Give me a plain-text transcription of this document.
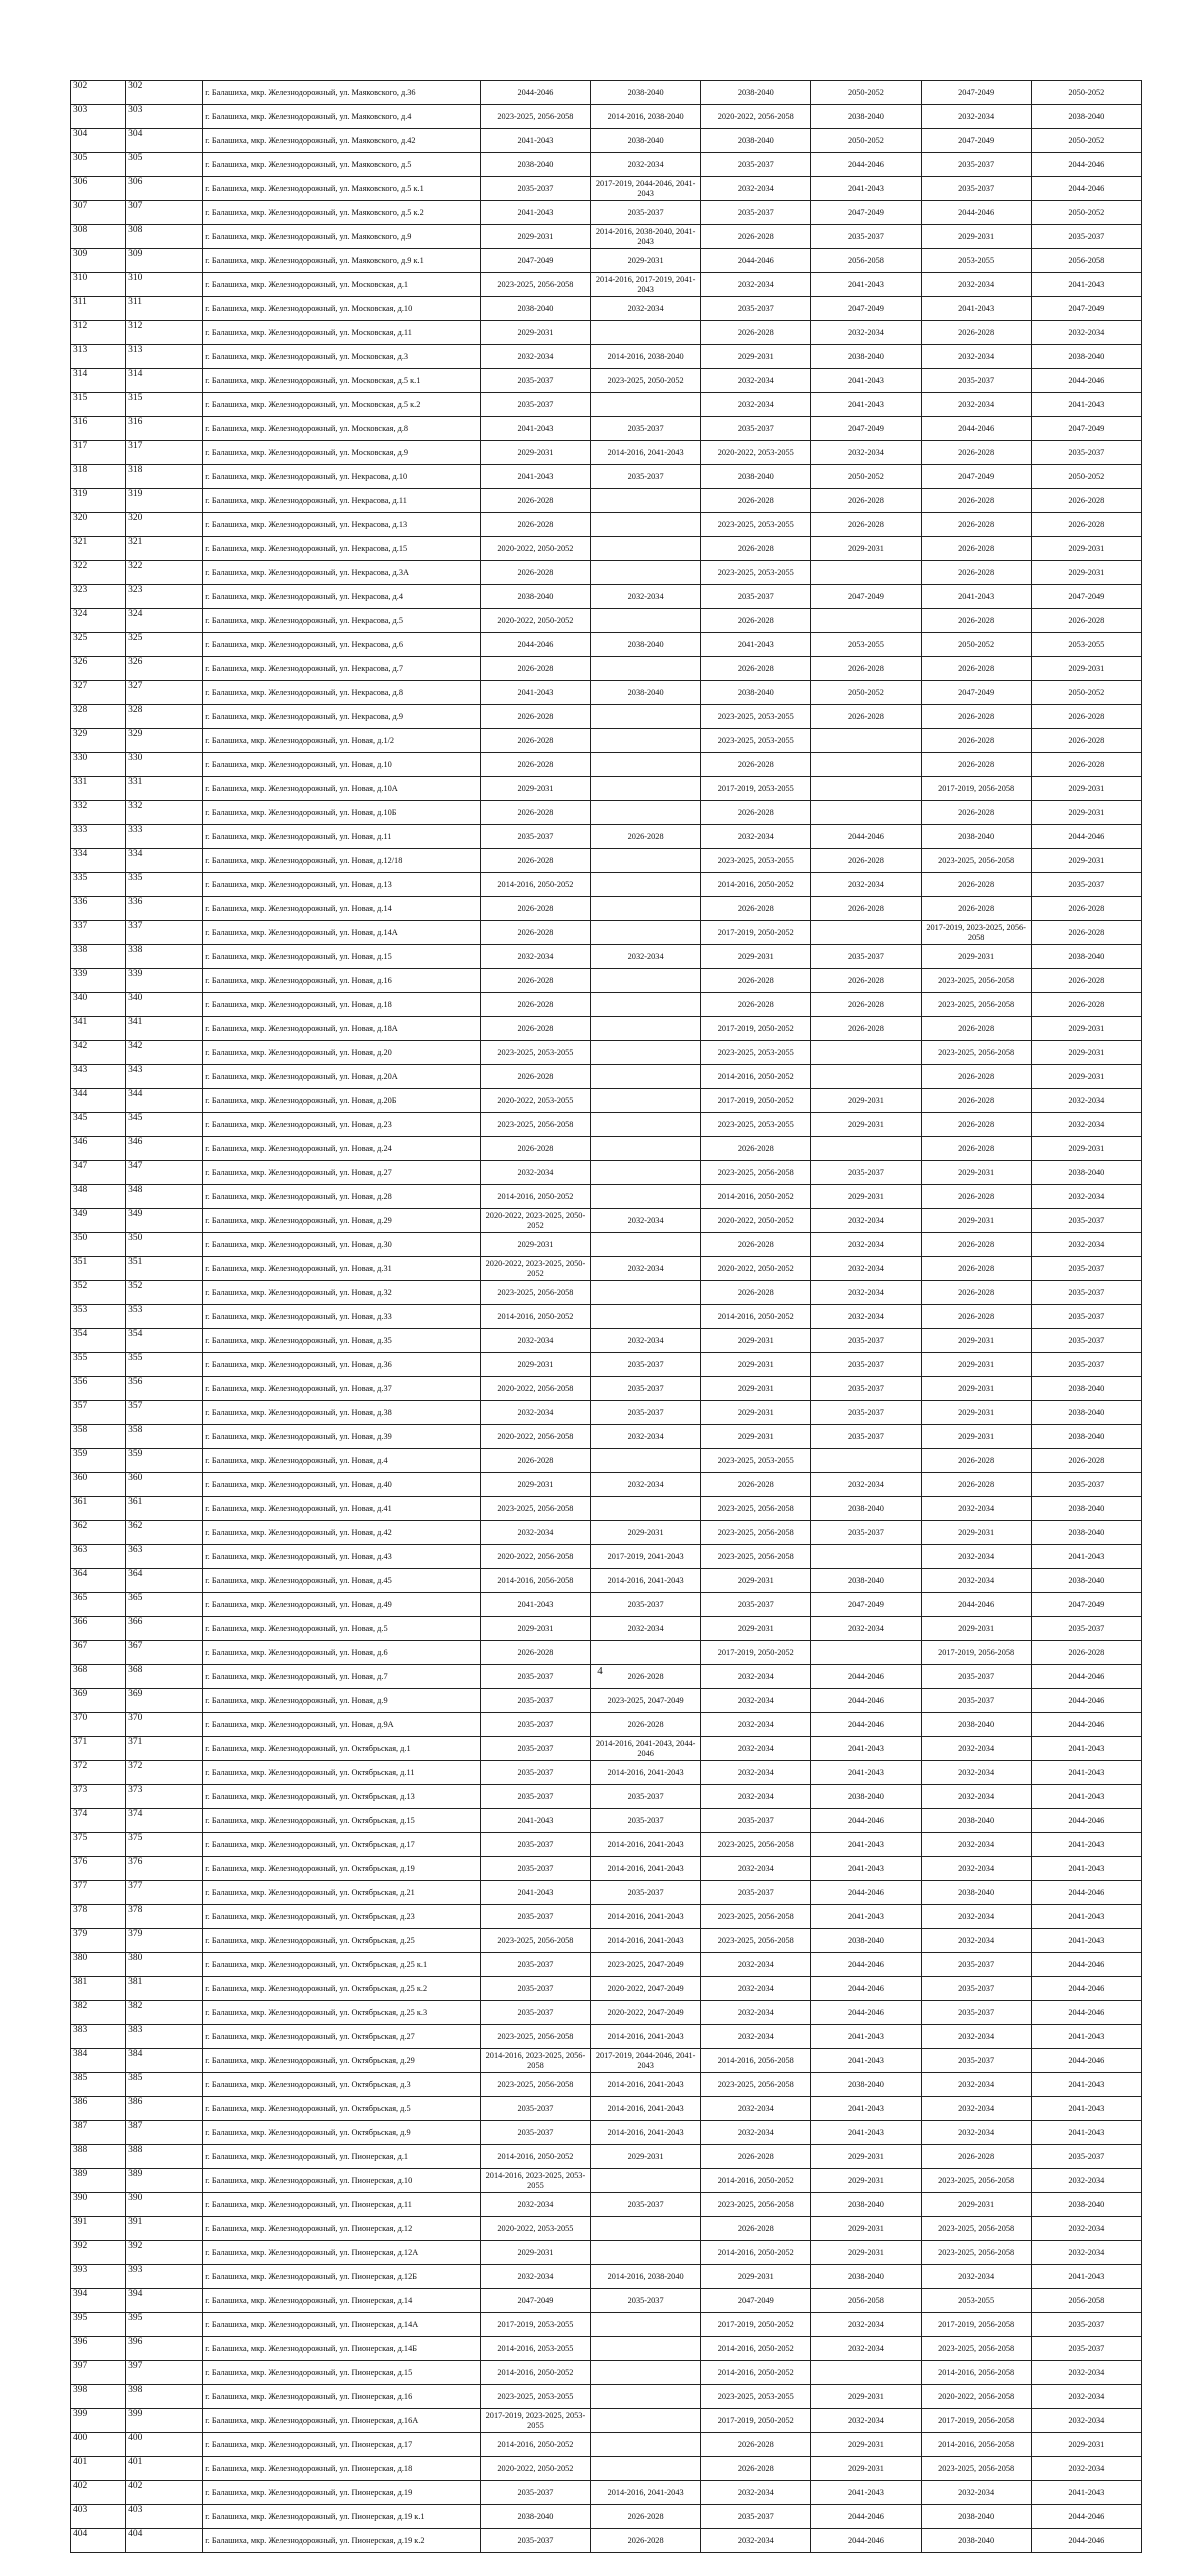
302	302	г. Балашиха, мкр. Железнодорожный, ул. Маяковского, д.36	2044-2046	2038-2040	2038-2040	2050-2052	2047-2049	2050-2052
303	303	г. Балашиха, мкр. Железнодорожный, ул. Маяковского, д.4	2023-2025, 2056-2058	2014-2016, 2038-2040	2020-2022, 2056-2058	2038-2040	2032-2034	2038-2040
304	304	г. Балашиха, мкр. Железнодорожный, ул. Маяковского, д.42	2041-2043	2038-2040	2038-2040	2050-2052	2047-2049	2050-2052
305	305	г. Балашиха, мкр. Железнодорожный, ул. Маяковского, д.5	2038-2040	2032-2034	2035-2037	2044-2046	2035-2037	2044-2046
306	306	г. Балашиха, мкр. Железнодорожный, ул. Маяковского, д.5 к.1	2035-2037	2017-2019, 2044-2046, 2041-2043	2032-2034	2041-2043	2035-2037	2044-2046
307	307	г. Балашиха, мкр. Железнодорожный, ул. Маяковского, д.5 к.2	2041-2043	2035-2037	2035-2037	2047-2049	2044-2046	2050-2052
308	308	г. Балашиха, мкр. Железнодорожный, ул. Маяковского, д.9	2029-2031	2014-2016, 2038-2040, 2041-2043	2026-2028	2035-2037	2029-2031	2035-2037
309	309	г. Балашиха, мкр. Железнодорожный, ул. Маяковского, д.9 к.1	2047-2049	2029-2031	2044-2046	2056-2058	2053-2055	2056-2058
310	310	г. Балашиха, мкр. Железнодорожный, ул. Московская, д.1	2023-2025, 2056-2058	2014-2016, 2017-2019, 2041-2043	2032-2034	2041-2043	2032-2034	2041-2043
311	311	г. Балашиха, мкр. Железнодорожный, ул. Московская, д.10	2038-2040	2032-2034	2035-2037	2047-2049	2041-2043	2047-2049
312	312	г. Балашиха, мкр. Железнодорожный, ул. Московская, д.11	2029-2031		2026-2028	2032-2034	2026-2028	2032-2034
313	313	г. Балашиха, мкр. Железнодорожный, ул. Московская, д.3	2032-2034	2014-2016, 2038-2040	2029-2031	2038-2040	2032-2034	2038-2040
314	314	г. Балашиха, мкр. Железнодорожный, ул. Московская, д.5 к.1	2035-2037	2023-2025, 2050-2052	2032-2034	2041-2043	2035-2037	2044-2046
315	315	г. Балашиха, мкр. Железнодорожный, ул. Московская, д.5 к.2	2035-2037		2032-2034	2041-2043	2032-2034	2041-2043
316	316	г. Балашиха, мкр. Железнодорожный, ул. Московская, д.8	2041-2043	2035-2037	2035-2037	2047-2049	2044-2046	2047-2049
317	317	г. Балашиха, мкр. Железнодорожный, ул. Московская, д.9	2029-2031	2014-2016, 2041-2043	2020-2022, 2053-2055	2032-2034	2026-2028	2035-2037
318	318	г. Балашиха, мкр. Железнодорожный, ул. Некрасова, д.10	2041-2043	2035-2037	2038-2040	2050-2052	2047-2049	2050-2052
319	319	г. Балашиха, мкр. Железнодорожный, ул. Некрасова, д.11	2026-2028		2026-2028	2026-2028	2026-2028	2026-2028
320	320	г. Балашиха, мкр. Железнодорожный, ул. Некрасова, д.13	2026-2028		2023-2025, 2053-2055	2026-2028	2026-2028	2026-2028
321	321	г. Балашиха, мкр. Железнодорожный, ул. Некрасова, д.15	2020-2022, 2050-2052		2026-2028	2029-2031	2026-2028	2029-2031
322	322	г. Балашиха, мкр. Железнодорожный, ул. Некрасова, д.3А	2026-2028		2023-2025, 2053-2055		2026-2028	2029-2031
323	323	г. Балашиха, мкр. Железнодорожный, ул. Некрасова, д.4	2038-2040	2032-2034	2035-2037	2047-2049	2041-2043	2047-2049
324	324	г. Балашиха, мкр. Железнодорожный, ул. Некрасова, д.5	2020-2022, 2050-2052		2026-2028		2026-2028	2026-2028
325	325	г. Балашиха, мкр. Железнодорожный, ул. Некрасова, д.6	2044-2046	2038-2040	2041-2043	2053-2055	2050-2052	2053-2055
326	326	г. Балашиха, мкр. Железнодорожный, ул. Некрасова, д.7	2026-2028		2026-2028	2026-2028	2026-2028	2029-2031
327	327	г. Балашиха, мкр. Железнодорожный, ул. Некрасова, д.8	2041-2043	2038-2040	2038-2040	2050-2052	2047-2049	2050-2052
328	328	г. Балашиха, мкр. Железнодорожный, ул. Некрасова, д.9	2026-2028		2023-2025, 2053-2055	2026-2028	2026-2028	2026-2028
329	329	г. Балашиха, мкр. Железнодорожный, ул. Новая, д.1/2	2026-2028		2023-2025, 2053-2055		2026-2028	2026-2028
330	330	г. Балашиха, мкр. Железнодорожный, ул. Новая, д.10	2026-2028		2026-2028		2026-2028	2026-2028
331	331	г. Балашиха, мкр. Железнодорожный, ул. Новая, д.10А	2029-2031		2017-2019, 2053-2055		2017-2019, 2056-2058	2029-2031
332	332	г. Балашиха, мкр. Железнодорожный, ул. Новая, д.10Б	2026-2028		2026-2028		2026-2028	2029-2031
333	333	г. Балашиха, мкр. Железнодорожный, ул. Новая, д.11	2035-2037	2026-2028	2032-2034	2044-2046	2038-2040	2044-2046
334	334	г. Балашиха, мкр. Железнодорожный, ул. Новая, д.12/18	2026-2028		2023-2025, 2053-2055	2026-2028	2023-2025, 2056-2058	2029-2031
335	335	г. Балашиха, мкр. Железнодорожный, ул. Новая, д.13	2014-2016, 2050-2052		2014-2016, 2050-2052	2032-2034	2026-2028	2035-2037
336	336	г. Балашиха, мкр. Железнодорожный, ул. Новая, д.14	2026-2028		2026-2028	2026-2028	2026-2028	2026-2028
337	337	г. Балашиха, мкр. Железнодорожный, ул. Новая, д.14А	2026-2028		2017-2019, 2050-2052		2017-2019, 2023-2025, 2056-2058	2026-2028
338	338	г. Балашиха, мкр. Железнодорожный, ул. Новая, д.15	2032-2034	2032-2034	2029-2031	2035-2037	2029-2031	2038-2040
339	339	г. Балашиха, мкр. Железнодорожный, ул. Новая, д.16	2026-2028		2026-2028	2026-2028	2023-2025, 2056-2058	2026-2028
340	340	г. Балашиха, мкр. Железнодорожный, ул. Новая, д.18	2026-2028		2026-2028	2026-2028	2023-2025, 2056-2058	2026-2028
341	341	г. Балашиха, мкр. Железнодорожный, ул. Новая, д.18А	2026-2028		2017-2019, 2050-2052	2026-2028	2026-2028	2029-2031
342	342	г. Балашиха, мкр. Железнодорожный, ул. Новая, д.20	2023-2025, 2053-2055		2023-2025, 2053-2055		2023-2025, 2056-2058	2029-2031
343	343	г. Балашиха, мкр. Железнодорожный, ул. Новая, д.20А	2026-2028		2014-2016, 2050-2052		2026-2028	2029-2031
344	344	г. Балашиха, мкр. Железнодорожный, ул. Новая, д.20Б	2020-2022, 2053-2055		2017-2019, 2050-2052	2029-2031	2026-2028	2032-2034
345	345	г. Балашиха, мкр. Железнодорожный, ул. Новая, д.23	2023-2025, 2056-2058		2023-2025, 2053-2055	2029-2031	2026-2028	2032-2034
346	346	г. Балашиха, мкр. Железнодорожный, ул. Новая, д.24	2026-2028		2026-2028		2026-2028	2029-2031
347	347	г. Балашиха, мкр. Железнодорожный, ул. Новая, д.27	2032-2034		2023-2025, 2056-2058	2035-2037	2029-2031	2038-2040
348	348	г. Балашиха, мкр. Железнодорожный, ул. Новая, д.28	2014-2016, 2050-2052		2014-2016, 2050-2052	2029-2031	2026-2028	2032-2034
349	349	г. Балашиха, мкр. Железнодорожный, ул. Новая, д.29	2020-2022, 2023-2025, 2050-2052	2032-2034	2020-2022, 2050-2052	2032-2034	2029-2031	2035-2037
350	350	г. Балашиха, мкр. Железнодорожный, ул. Новая, д.30	2029-2031		2026-2028	2032-2034	2026-2028	2032-2034
351	351	г. Балашиха, мкр. Железнодорожный, ул. Новая, д.31	2020-2022, 2023-2025, 2050-2052	2032-2034	2020-2022, 2050-2052	2032-2034	2026-2028	2035-2037
352	352	г. Балашиха, мкр. Железнодорожный, ул. Новая, д.32	2023-2025, 2056-2058		2026-2028	2032-2034	2026-2028	2035-2037
353	353	г. Балашиха, мкр. Железнодорожный, ул. Новая, д.33	2014-2016, 2050-2052		2014-2016, 2050-2052	2032-2034	2026-2028	2035-2037
354	354	г. Балашиха, мкр. Железнодорожный, ул. Новая, д.35	2032-2034	2032-2034	2029-2031	2035-2037	2029-2031	2035-2037
355	355	г. Балашиха, мкр. Железнодорожный, ул. Новая, д.36	2029-2031	2035-2037	2029-2031	2035-2037	2029-2031	2035-2037
356	356	г. Балашиха, мкр. Железнодорожный, ул. Новая, д.37	2020-2022, 2056-2058	2035-2037	2029-2031	2035-2037	2029-2031	2038-2040
357	357	г. Балашиха, мкр. Железнодорожный, ул. Новая, д.38	2032-2034	2035-2037	2029-2031	2035-2037	2029-2031	2038-2040
358	358	г. Балашиха, мкр. Железнодорожный, ул. Новая, д.39	2020-2022, 2056-2058	2032-2034	2029-2031	2035-2037	2029-2031	2038-2040
359	359	г. Балашиха, мкр. Железнодорожный, ул. Новая, д.4	2026-2028		2023-2025, 2053-2055		2026-2028	2026-2028
360	360	г. Балашиха, мкр. Железнодорожный, ул. Новая, д.40	2029-2031	2032-2034	2026-2028	2032-2034	2026-2028	2035-2037
361	361	г. Балашиха, мкр. Железнодорожный, ул. Новая, д.41	2023-2025, 2056-2058		2023-2025, 2056-2058	2038-2040	2032-2034	2038-2040
362	362	г. Балашиха, мкр. Железнодорожный, ул. Новая, д.42	2032-2034	2029-2031	2023-2025, 2056-2058	2035-2037	2029-2031	2038-2040
363	363	г. Балашиха, мкр. Железнодорожный, ул. Новая, д.43	2020-2022, 2056-2058	2017-2019, 2041-2043	2023-2025, 2056-2058		2032-2034	2041-2043
364	364	г. Балашиха, мкр. Железнодорожный, ул. Новая, д.45	2014-2016, 2056-2058	2014-2016, 2041-2043	2029-2031	2038-2040	2032-2034	2038-2040
365	365	г. Балашиха, мкр. Железнодорожный, ул. Новая, д.49	2041-2043	2035-2037	2035-2037	2047-2049	2044-2046	2047-2049
366	366	г. Балашиха, мкр. Железнодорожный, ул. Новая, д.5	2029-2031	2032-2034	2029-2031	2032-2034	2029-2031	2035-2037
367	367	г. Балашиха, мкр. Железнодорожный, ул. Новая, д.6	2026-2028		2017-2019, 2050-2052		2017-2019, 2056-2058	2026-2028
368	368	г. Балашиха, мкр. Железнодорожный, ул. Новая, д.7	2035-2037	2026-2028	2032-2034	2044-2046	2035-2037	2044-2046
369	369	г. Балашиха, мкр. Железнодорожный, ул. Новая, д.9	2035-2037	2023-2025, 2047-2049	2032-2034	2044-2046	2035-2037	2044-2046
370	370	г. Балашиха, мкр. Железнодорожный, ул. Новая, д.9А	2035-2037	2026-2028	2032-2034	2044-2046	2038-2040	2044-2046
371	371	г. Балашиха, мкр. Железнодорожный, ул. Октябрьская, д.1	2035-2037	2014-2016, 2041-2043, 2044-2046	2032-2034	2041-2043	2032-2034	2041-2043
372	372	г. Балашиха, мкр. Железнодорожный, ул. Октябрьская, д.11	2035-2037	2014-2016, 2041-2043	2032-2034	2041-2043	2032-2034	2041-2043
373	373	г. Балашиха, мкр. Железнодорожный, ул. Октябрьская, д.13	2035-2037	2035-2037	2032-2034	2038-2040	2032-2034	2041-2043
374	374	г. Балашиха, мкр. Железнодорожный, ул. Октябрьская, д.15	2041-2043	2035-2037	2035-2037	2044-2046	2038-2040	2044-2046
375	375	г. Балашиха, мкр. Железнодорожный, ул. Октябрьская, д.17	2035-2037	2014-2016, 2041-2043	2023-2025, 2056-2058	2041-2043	2032-2034	2041-2043
376	376	г. Балашиха, мкр. Железнодорожный, ул. Октябрьская, д.19	2035-2037	2014-2016, 2041-2043	2032-2034	2041-2043	2032-2034	2041-2043
377	377	г. Балашиха, мкр. Железнодорожный, ул. Октябрьская, д.21	2041-2043	2035-2037	2035-2037	2044-2046	2038-2040	2044-2046
378	378	г. Балашиха, мкр. Железнодорожный, ул. Октябрьская, д.23	2035-2037	2014-2016, 2041-2043	2023-2025, 2056-2058	2041-2043	2032-2034	2041-2043
379	379	г. Балашиха, мкр. Железнодорожный, ул. Октябрьская, д.25	2023-2025, 2056-2058	2014-2016, 2041-2043	2023-2025, 2056-2058	2038-2040	2032-2034	2041-2043
380	380	г. Балашиха, мкр. Железнодорожный, ул. Октябрьская, д.25 к.1	2035-2037	2023-2025, 2047-2049	2032-2034	2044-2046	2035-2037	2044-2046
381	381	г. Балашиха, мкр. Железнодорожный, ул. Октябрьская, д.25 к.2	2035-2037	2020-2022, 2047-2049	2032-2034	2044-2046	2035-2037	2044-2046
382	382	г. Балашиха, мкр. Железнодорожный, ул. Октябрьская, д.25 к.3	2035-2037	2020-2022, 2047-2049	2032-2034	2044-2046	2035-2037	2044-2046
383	383	г. Балашиха, мкр. Железнодорожный, ул. Октябрьская, д.27	2023-2025, 2056-2058	2014-2016, 2041-2043	2032-2034	2041-2043	2032-2034	2041-2043
384	384	г. Балашиха, мкр. Железнодорожный, ул. Октябрьская, д.29	2014-2016, 2023-2025, 2056-2058	2017-2019, 2044-2046, 2041-2043	2014-2016, 2056-2058	2041-2043	2035-2037	2044-2046
385	385	г. Балашиха, мкр. Железнодорожный, ул. Октябрьская, д.3	2023-2025, 2056-2058	2014-2016, 2041-2043	2023-2025, 2056-2058	2038-2040	2032-2034	2041-2043
386	386	г. Балашиха, мкр. Железнодорожный, ул. Октябрьская, д.5	2035-2037	2014-2016, 2041-2043	2032-2034	2041-2043	2032-2034	2041-2043
387	387	г. Балашиха, мкр. Железнодорожный, ул. Октябрьская, д.9	2035-2037	2014-2016, 2041-2043	2032-2034	2041-2043	2032-2034	2041-2043
388	388	г. Балашиха, мкр. Железнодорожный, ул. Пионерская, д.1	2014-2016, 2050-2052	2029-2031	2026-2028	2029-2031	2026-2028	2035-2037
389	389	г. Балашиха, мкр. Железнодорожный, ул. Пионерская, д.10	2014-2016, 2023-2025, 2053-2055		2014-2016, 2050-2052	2029-2031	2023-2025, 2056-2058	2032-2034
390	390	г. Балашиха, мкр. Железнодорожный, ул. Пионерская, д.11	2032-2034	2035-2037	2023-2025, 2056-2058	2038-2040	2029-2031	2038-2040
391	391	г. Балашиха, мкр. Железнодорожный, ул. Пионерская, д.12	2020-2022, 2053-2055		2026-2028	2029-2031	2023-2025, 2056-2058	2032-2034
392	392	г. Балашиха, мкр. Железнодорожный, ул. Пионерская, д.12А	2029-2031		2014-2016, 2050-2052	2029-2031	2023-2025, 2056-2058	2032-2034
393	393	г. Балашиха, мкр. Железнодорожный, ул. Пионерская, д.12Б	2032-2034	2014-2016, 2038-2040	2029-2031	2038-2040	2032-2034	2041-2043
394	394	г. Балашиха, мкр. Железнодорожный, ул. Пионерская, д.14	2047-2049	2035-2037	2047-2049	2056-2058	2053-2055	2056-2058
395	395	г. Балашиха, мкр. Железнодорожный, ул. Пионерская, д.14А	2017-2019, 2053-2055		2017-2019, 2050-2052	2032-2034	2017-2019, 2056-2058	2035-2037
396	396	г. Балашиха, мкр. Железнодорожный, ул. Пионерская, д.14Б	2014-2016, 2053-2055		2014-2016, 2050-2052	2032-2034	2023-2025, 2056-2058	2035-2037
397	397	г. Балашиха, мкр. Железнодорожный, ул. Пионерская, д.15	2014-2016, 2050-2052		2014-2016, 2050-2052		2014-2016, 2056-2058	2032-2034
398	398	г. Балашиха, мкр. Железнодорожный, ул. Пионерская, д.16	2023-2025, 2053-2055		2023-2025, 2053-2055	2029-2031	2020-2022, 2056-2058	2032-2034
399	399	г. Балашиха, мкр. Железнодорожный, ул. Пионерская, д.16А	2017-2019, 2023-2025, 2053-2055		2017-2019, 2050-2052	2032-2034	2017-2019, 2056-2058	2032-2034
400	400	г. Балашиха, мкр. Железнодорожный, ул. Пионерская, д.17	2014-2016, 2050-2052		2026-2028	2029-2031	2014-2016, 2056-2058	2029-2031
401	401	г. Балашиха, мкр. Железнодорожный, ул. Пионерская, д.18	2020-2022, 2050-2052		2026-2028	2029-2031	2023-2025, 2056-2058	2032-2034
402	402	г. Балашиха, мкр. Железнодорожный, ул. Пионерская, д.19	2035-2037	2014-2016, 2041-2043	2032-2034	2041-2043	2032-2034	2041-2043
403	403	г. Балашиха, мкр. Железнодорожный, ул. Пионерская, д.19 к.1	2038-2040	2026-2028	2035-2037	2044-2046	2038-2040	2044-2046
404	404	г. Балашиха, мкр. Железнодорожный, ул. Пионерская, д.19 к.2	2035-2037	2026-2028	2032-2034	2044-2046	2038-2040	2044-2046
4
